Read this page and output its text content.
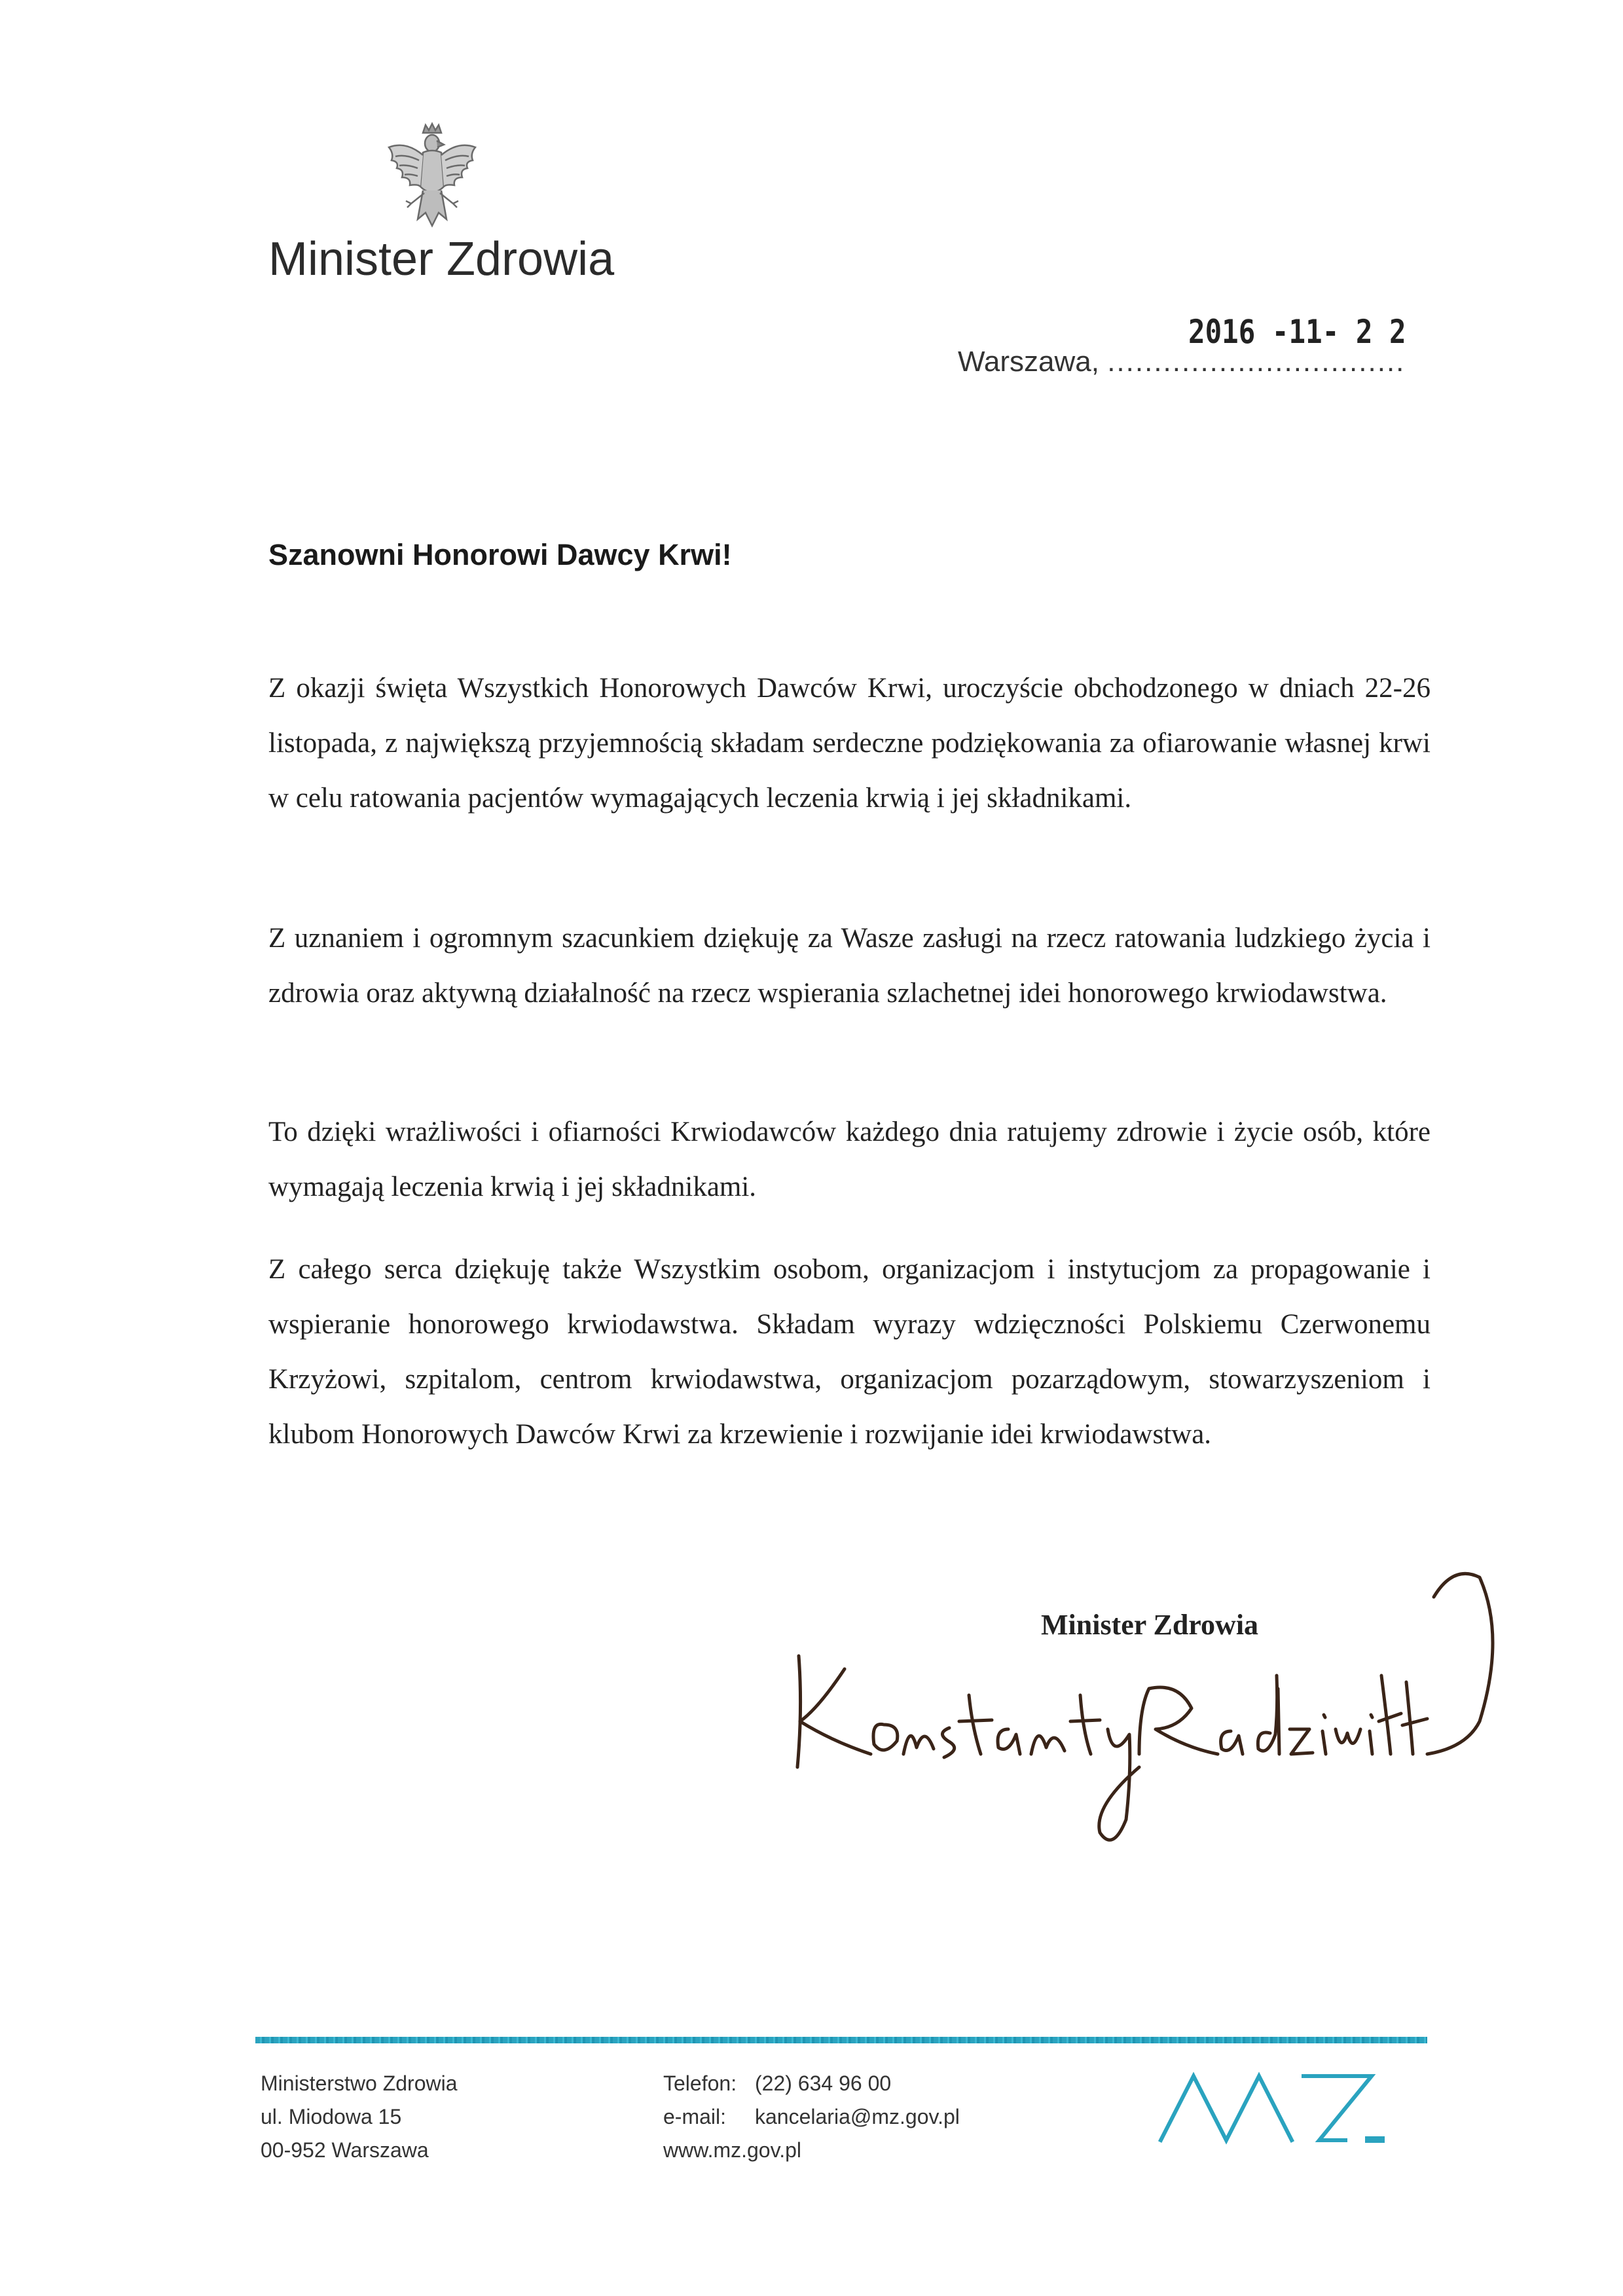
Minister Zdrowia
2016 -11- 2 2
Warszawa, ................................
Szanowni Honorowi Dawcy Krwi!

Z okazji święta Wszystkich Honorowych Dawców Krwi, uroczyście obchodzonego w dniach 22-26 listopada, z największą przyjemnością składam serdeczne podziękowania za ofiarowanie własnej krwi w celu ratowania pacjentów wymagających leczenia krwią i jej składnikami.

Z uznaniem i ogromnym szacunkiem dziękuję za Wasze zasługi na rzecz ratowania ludzkiego życia i zdrowia oraz aktywną działalność na rzecz wspierania szlachetnej idei honorowego krwiodawstwa.

To dzięki wrażliwości i ofiarności Krwiodawców każdego dnia ratujemy zdrowie i życie osób, które wymagają leczenia krwią i jej składnikami.

Z całego serca dziękuję także Wszystkim osobom, organizacjom i instytucjom za propagowanie i wspieranie honorowego krwiodawstwa. Składam wyrazy wdzięczności Polskiemu Czerwonemu Krzyżowi, szpitalom, centrom krwiodawstwa, organizacjom pozarządowym, stowarzyszeniom i klubom Honorowych Dawców Krwi za krzewienie i rozwijanie idei krwiodawstwa.

Minister Zdrowia
Ministerstwo Zdrowia
ul. Miodowa 15
00-952 Warszawa
Telefon: (22) 634 96 00
e-mail: kancelaria@mz.gov.pl
www.mz.gov.pl
